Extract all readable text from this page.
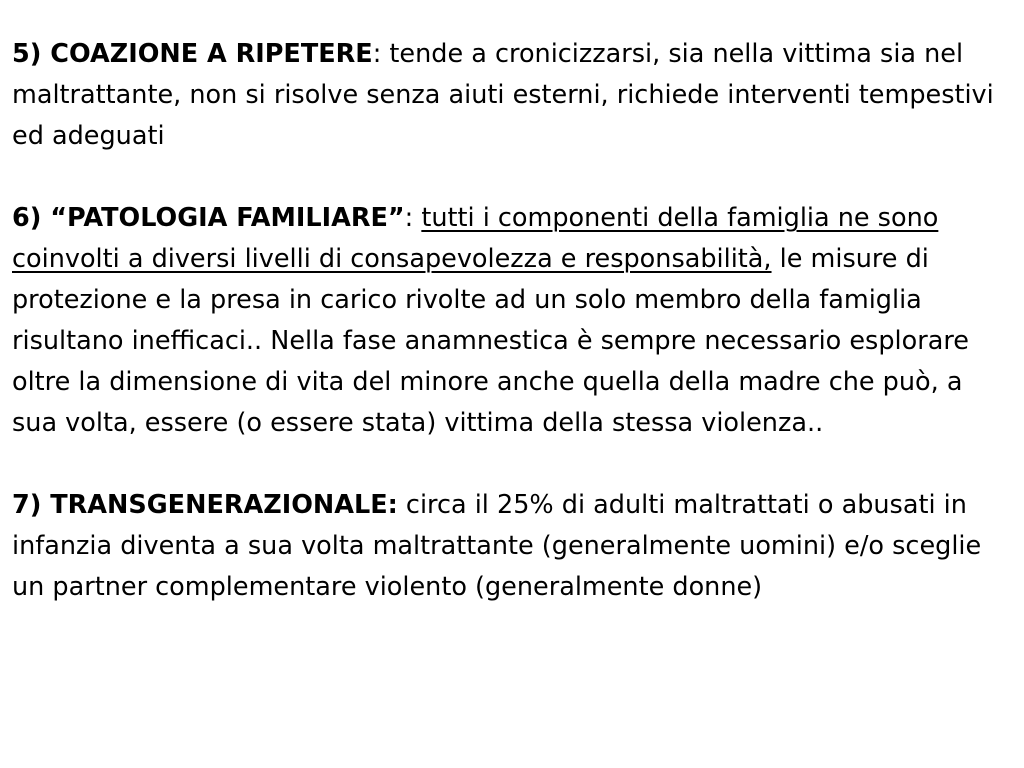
5) COAZIONE A RIPETERE: tende a cronicizzarsi, sia nella vittima sia nel maltrattante, non si risolve senza aiuti esterni, richiede interventi tempestivi ed adeguati

6) “PATOLOGIA FAMILIARE”: tutti i componenti della famiglia ne sono coinvolti a diversi livelli di consapevolezza e responsabilità, le misure di protezione e la presa in carico rivolte ad un solo membro della famiglia risultano inefficaci.. Nella fase anamnestica è sempre necessario esplorare oltre la dimensione di vita del minore anche quella della madre che può, a sua volta, essere (o essere stata) vittima della stessa violenza..

7) TRANSGENERAZIONALE: circa il 25% di adulti maltrattati o abusati in infanzia diventa a sua volta maltrattante (generalmente uomini) e/o sceglie un partner complementare violento (generalmente donne)
